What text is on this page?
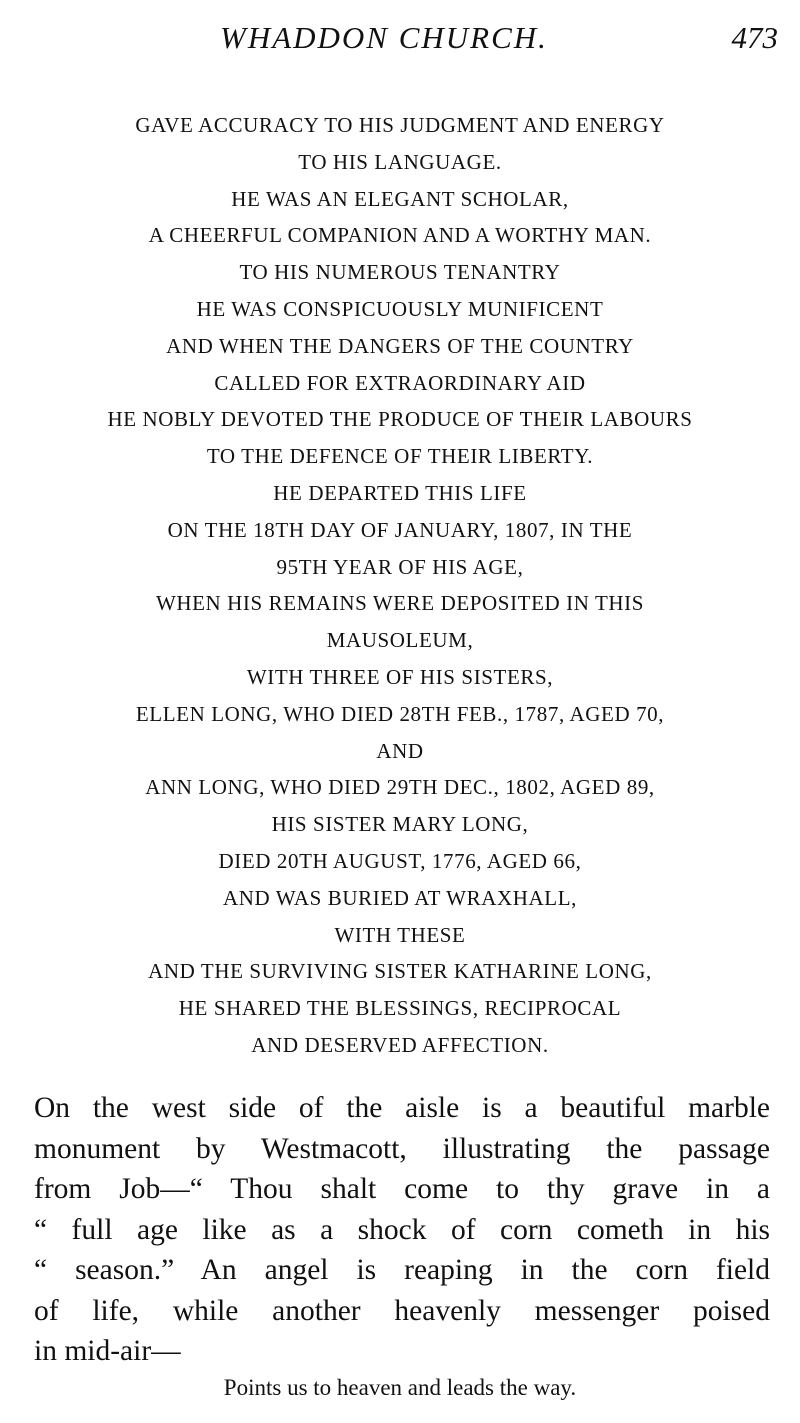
WHADDON CHURCH.	473
GAVE ACCURACY TO HIS JUDGMENT AND ENERGY
TO HIS LANGUAGE.
HE WAS AN ELEGANT SCHOLAR,
A CHEERFUL COMPANION AND A WORTHY MAN.
TO HIS NUMEROUS TENANTRY
HE WAS CONSPICUOUSLY MUNIFICENT
AND WHEN THE DANGERS OF THE COUNTRY
CALLED FOR EXTRAORDINARY AID
HE NOBLY DEVOTED THE PRODUCE OF THEIR LABOURS
TO THE DEFENCE OF THEIR LIBERTY.
HE DEPARTED THIS LIFE
ON THE 18TH DAY OF JANUARY, 1807, IN THE
95TH YEAR OF HIS AGE,
WHEN HIS REMAINS WERE DEPOSITED IN THIS
MAUSOLEUM,
WITH THREE OF HIS SISTERS,
ELLEN LONG, WHO DIED 28TH FEB., 1787, AGED 70,
AND
ANN LONG, WHO DIED 29TH DEC., 1802, AGED 89,
HIS SISTER MARY LONG,
DIED 20TH AUGUST, 1776, AGED 66,
AND WAS BURIED AT WRAXHALL,
WITH THESE
AND THE SURVIVING SISTER KATHARINE LONG,
HE SHARED THE BLESSINGS, RECIPROCAL
AND DESERVED AFFECTION.
On the west side of the aisle is a beautiful marble
monument by Westmacott, illustrating the passage
from Job—“ Thou shalt come to thy grave in a
“ full age like as a shock of corn cometh in his
“ season.” An angel is reaping in the corn field
of life, while another heavenly messenger poised
in mid-air—
Points us to heaven and leads the way.
